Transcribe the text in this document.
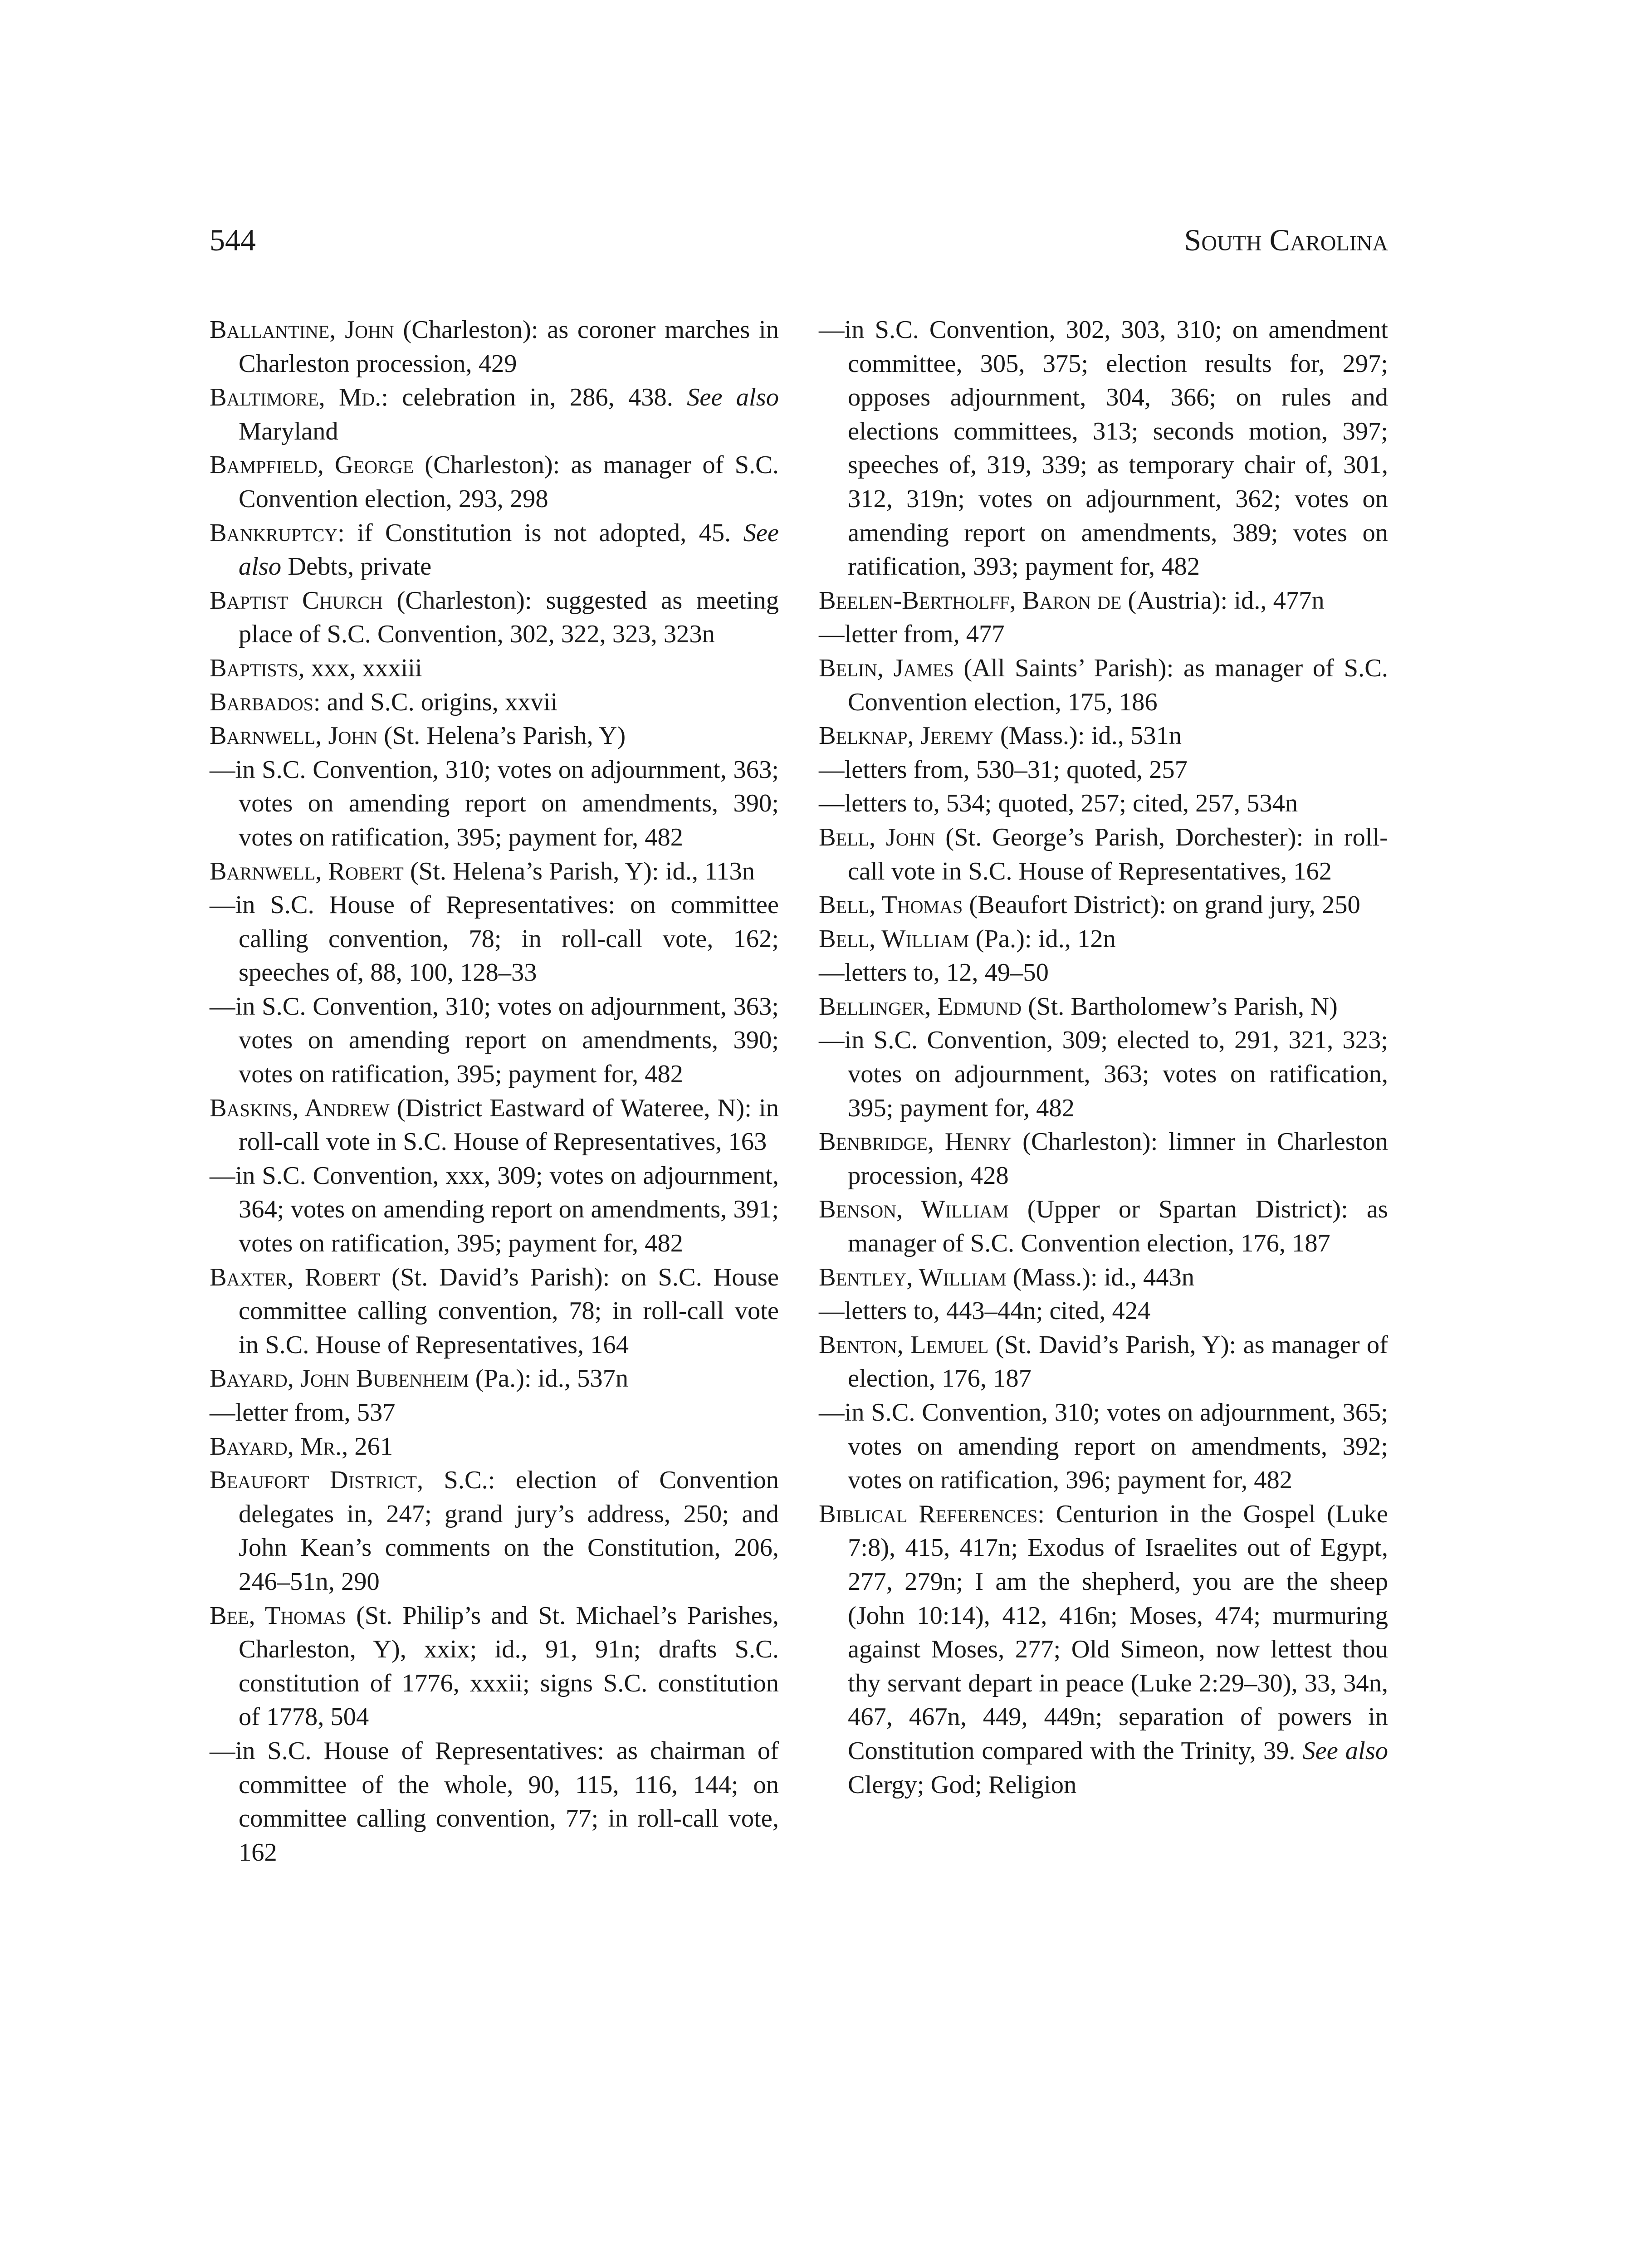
544	South Carolina

Ballantine, John (Charleston): as coroner marches in Charleston procession, 429

Baltimore, Md.: celebration in, 286, 438. See also Maryland

Bampfield, George (Charleston): as manager of S.C. Convention election, 293, 298

Bankruptcy: if Constitution is not adopted, 45. See also Debts, private

Baptist Church (Charleston): suggested as meeting place of S.C. Convention, 302, 322, 323, 323n

Baptists, xxx, xxxiii

Barbados: and S.C. origins, xxvii

Barnwell, John (St. Helena’s Parish, Y)

—in S.C. Convention, 310; votes on adjournment, 363; votes on amending report on amendments, 390; votes on ratification, 395; payment for, 482

Barnwell, Robert (St. Helena’s Parish, Y): id., 113n

—in S.C. House of Representatives: on committee calling convention, 78; in roll-call vote, 162; speeches of, 88, 100, 128–33

—in S.C. Convention, 310; votes on adjournment, 363; votes on amending report on amendments, 390; votes on ratification, 395; payment for, 482

Baskins, Andrew (District Eastward of Wateree, N): in roll-call vote in S.C. House of Representatives, 163

—in S.C. Convention, xxx, 309; votes on adjournment, 364; votes on amending report on amendments, 391; votes on ratification, 395; payment for, 482

Baxter, Robert (St. David’s Parish): on S.C. House committee calling convention, 78; in roll-call vote in S.C. House of Representatives, 164

Bayard, John Bubenheim (Pa.): id., 537n

—letter from, 537

Bayard, Mr., 261

Beaufort District, S.C.: election of Convention delegates in, 247; grand jury’s address, 250; and John Kean’s comments on the Constitution, 206, 246–51n, 290

Bee, Thomas (St. Philip’s and St. Michael’s Parishes, Charleston, Y), xxix; id., 91, 91n; drafts S.C. constitution of 1776, xxxii; signs S.C. constitution of 1778, 504

—in S.C. House of Representatives: as chairman of committee of the whole, 90, 115, 116, 144; on committee calling convention, 77; in roll-call vote, 162

—in S.C. Convention, 302, 303, 310; on amendment committee, 305, 375; election results for, 297; opposes adjournment, 304, 366; on rules and elections committees, 313; seconds motion, 397; speeches of, 319, 339; as temporary chair of, 301, 312, 319n; votes on adjournment, 362; votes on amending report on amendments, 389; votes on ratification, 393; payment for, 482

Beelen-Bertholff, Baron de (Austria): id., 477n

—letter from, 477

Belin, James (All Saints’ Parish): as manager of S.C. Convention election, 175, 186

Belknap, Jeremy (Mass.): id., 531n

—letters from, 530–31; quoted, 257

—letters to, 534; quoted, 257; cited, 257, 534n

Bell, John (St. George’s Parish, Dorchester): in roll-call vote in S.C. House of Representatives, 162

Bell, Thomas (Beaufort District): on grand jury, 250

Bell, William (Pa.): id., 12n

—letters to, 12, 49–50

Bellinger, Edmund (St. Bartholomew’s Parish, N)

—in S.C. Convention, 309; elected to, 291, 321, 323; votes on adjournment, 363; votes on ratification, 395; payment for, 482

Benbridge, Henry (Charleston): limner in Charleston procession, 428

Benson, William (Upper or Spartan District): as manager of S.C. Convention election, 176, 187

Bentley, William (Mass.): id., 443n

—letters to, 443–44n; cited, 424

Benton, Lemuel (St. David’s Parish, Y): as manager of election, 176, 187

—in S.C. Convention, 310; votes on adjournment, 365; votes on amending report on amendments, 392; votes on ratification, 396; payment for, 482

Biblical References: Centurion in the Gospel (Luke 7:8), 415, 417n; Exodus of Israelites out of Egypt, 277, 279n; I am the shepherd, you are the sheep (John 10:14), 412, 416n; Moses, 474; murmuring against Moses, 277; Old Simeon, now lettest thou thy servant depart in peace (Luke 2:29–30), 33, 34n, 467, 467n, 449, 449n; separation of powers in Constitution compared with the Trinity, 39. See also Clergy; God; Religion
